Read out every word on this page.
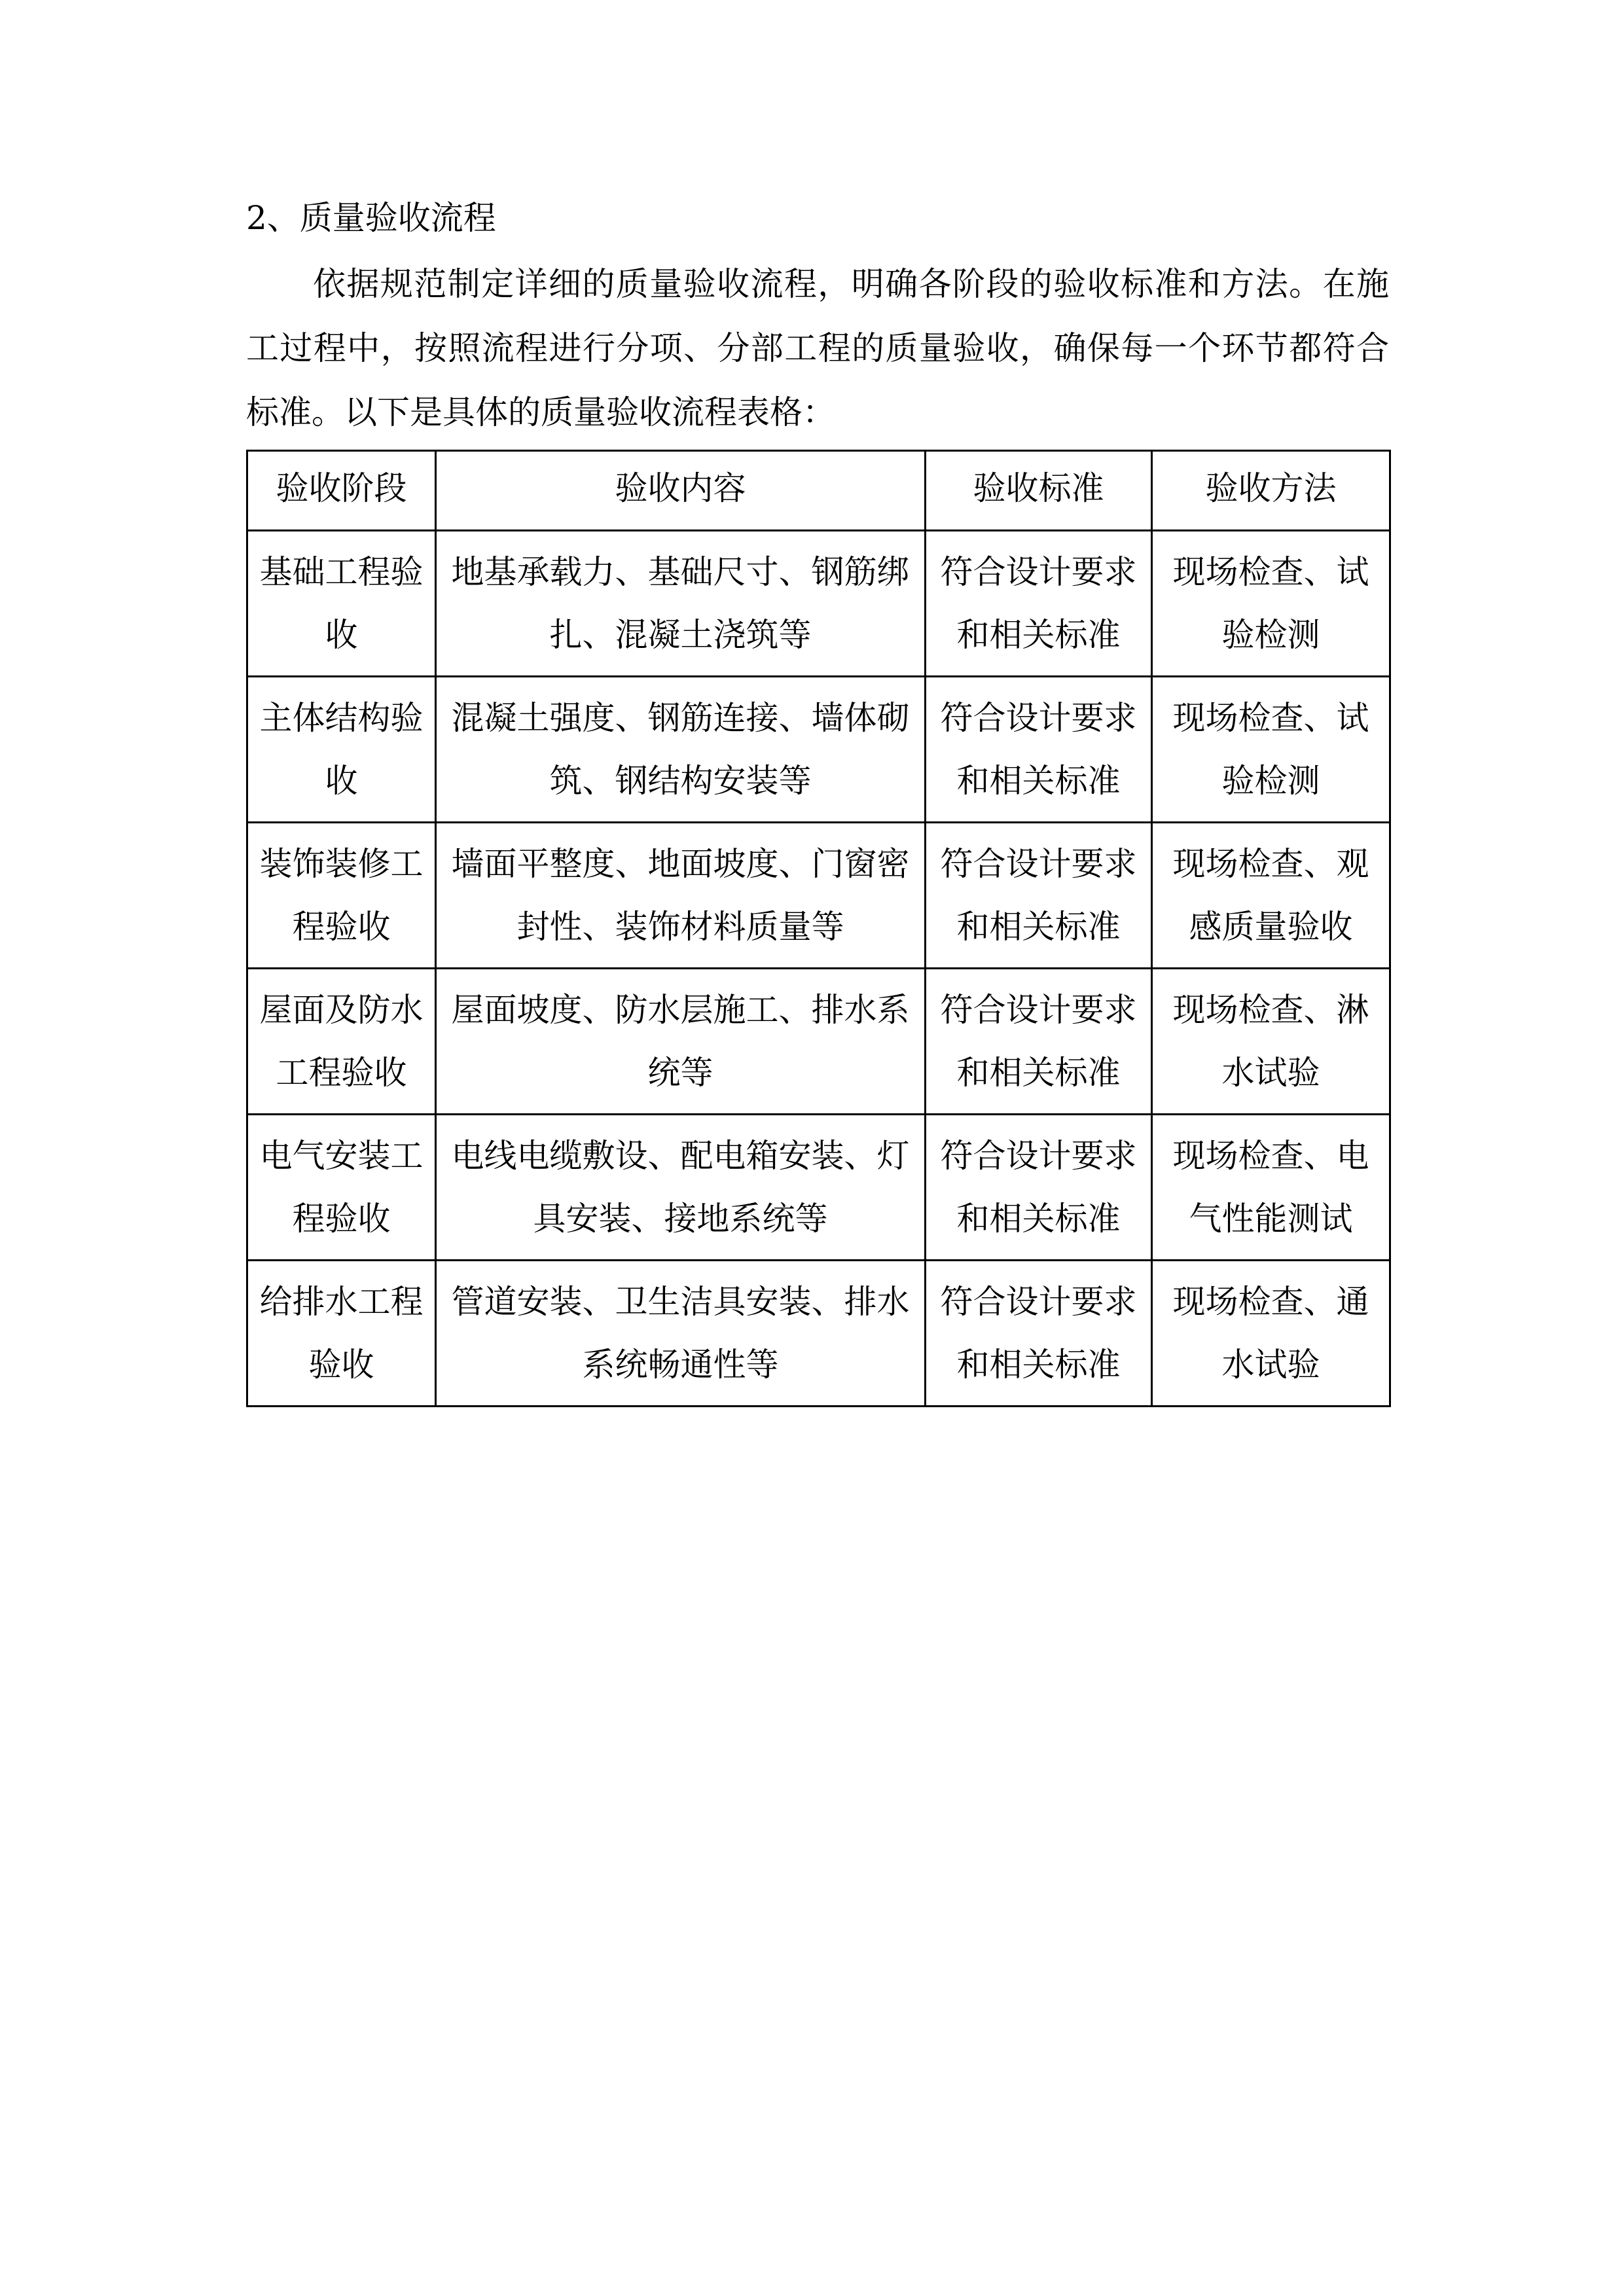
2、质量验收流程

依据规范制定详细的质量验收流程，明确各阶段的验收标准和方法。在施工过程中，按照流程进行分项、分部工程的质量验收，确保每一个环节都符合标准。以下是具体的质量验收流程表格：

验收阶段	验收内容	验收标准	验收方法
基础工程验收	地基承载力、基础尺寸、钢筋绑扎、混凝土浇筑等	符合设计要求和相关标准	现场检查、试验检测
主体结构验收	混凝土强度、钢筋连接、墙体砌筑、钢结构安装等	符合设计要求和相关标准	现场检查、试验检测
装饰装修工程验收	墙面平整度、地面坡度、门窗密封性、装饰材料质量等	符合设计要求和相关标准	现场检查、观感质量验收
屋面及防水工程验收	屋面坡度、防水层施工、排水系统等	符合设计要求和相关标准	现场检查、淋水试验
电气安装工程验收	电线电缆敷设、配电箱安装、灯具安装、接地系统等	符合设计要求和相关标准	现场检查、电气性能测试
给排水工程验收	管道安装、卫生洁具安装、排水系统畅通性等	符合设计要求和相关标准	现场检查、通水试验
